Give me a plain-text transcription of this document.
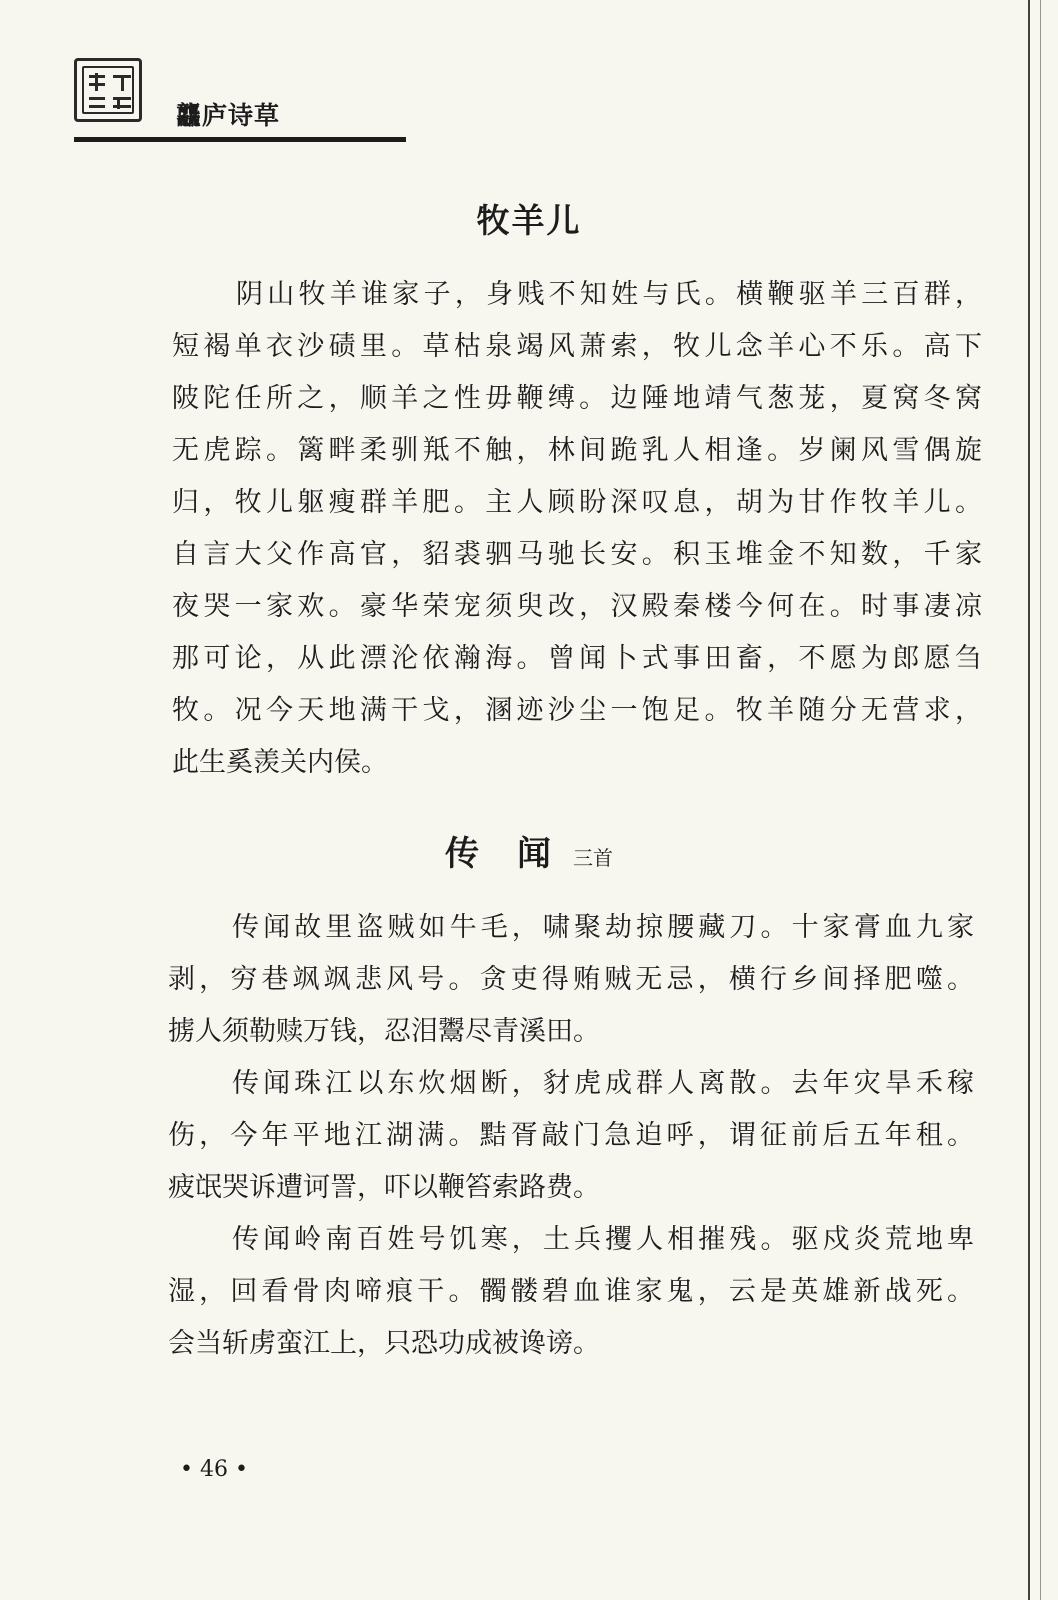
龘庐诗草
牧羊儿
阴山牧羊谁家子，身贱不知姓与氏。横鞭驱羊三百群，
短褐单衣沙碛里。草枯泉竭风萧索，牧儿念羊心不乐。高下
陂陀任所之，顺羊之性毋鞭缚。边陲地靖气葱茏，夏窝冬窝
无虎踪。篱畔柔驯羝不触，林间跪乳人相逢。岁阑风雪偶旋
归，牧儿躯瘦群羊肥。主人顾盼深叹息，胡为甘作牧羊儿。
自言大父作高官，貂裘驷马驰长安。积玉堆金不知数，千家
夜哭一家欢。豪华荣宠须臾改，汉殿秦楼今何在。时事凄凉
那可论，从此漂沦依瀚海。曾闻卜式事田畜，不愿为郎愿刍
牧。况今天地满干戈，溷迹沙尘一饱足。牧羊随分无营求，
此生奚羡关内侯。
传 闻 三首
传闻故里盗贼如牛毛，啸聚劫掠腰藏刀。十家膏血九家
剥，穷巷飒飒悲风号。贪吏得贿贼无忌，横行乡间择肥噬。
掳人须勒赎万钱，忍泪鬻尽青溪田。
传闻珠江以东炊烟断，豺虎成群人离散。去年灾旱禾稼
伤，今年平地江湖满。黠胥敲门急迫呼，谓征前后五年租。
疲氓哭诉遭诃詈，吓以鞭笞索路费。
传闻岭南百姓号饥寒，土兵攫人相摧残。驱戍炎荒地卑
湿，回看骨肉啼痕干。髑髅碧血谁家鬼，云是英雄新战死。
会当斩虏蛮江上，只恐功成被谗谤。
• 46 •
